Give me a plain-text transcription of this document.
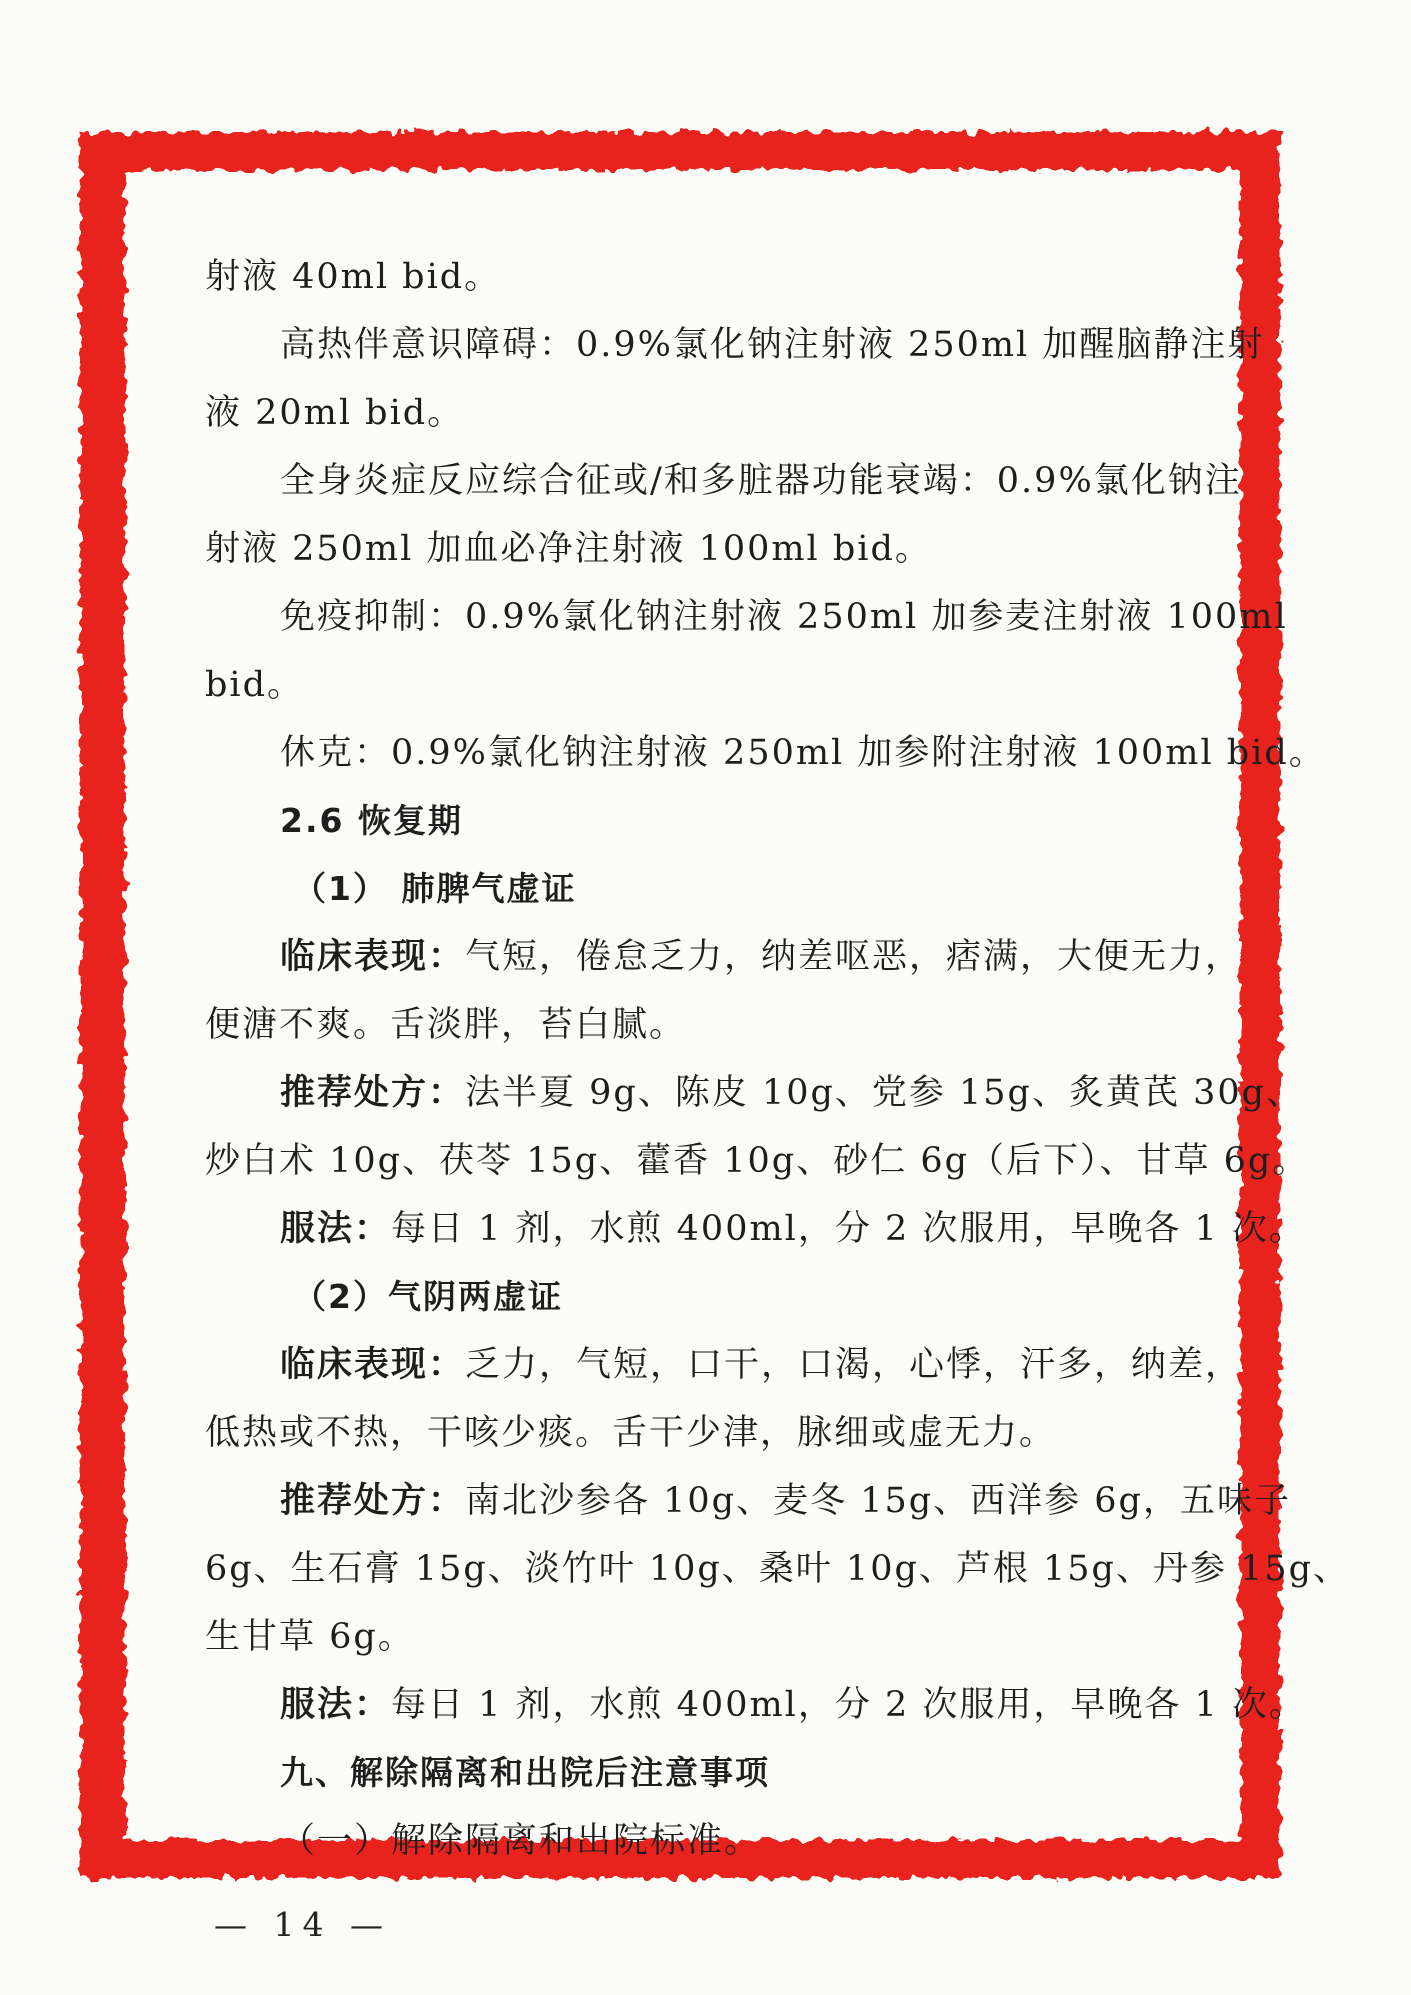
射液 40ml bid。
高热伴意识障碍：0.9%氯化钠注射液 250ml 加醒脑静注射
液 20ml bid。
全身炎症反应综合征或/和多脏器功能衰竭：0.9%氯化钠注
射液 250ml 加血必净注射液 100ml bid。
免疫抑制：0.9%氯化钠注射液 250ml 加参麦注射液 100ml
bid。
休克：0.9%氯化钠注射液 250ml 加参附注射液 100ml bid。
2.6 恢复期
（1） 肺脾气虚证
临床表现：气短，倦怠乏力，纳差呕恶，痞满，大便无力，
便溏不爽。舌淡胖，苔白腻。
推荐处方：法半夏 9g、陈皮 10g、党参 15g、炙黄芪 30g、
炒白术 10g、茯苓 15g、藿香 10g、砂仁 6g（后下）、甘草 6g。
服法：每日 1 剂，水煎 400ml，分 2 次服用，早晚各 1 次。
（2）气阴两虚证
临床表现：乏力，气短，口干，口渴，心悸，汗多，纳差，
低热或不热，干咳少痰。舌干少津，脉细或虚无力。
推荐处方：南北沙参各 10g、麦冬 15g、西洋参 6g，五味子
6g、生石膏 15g、淡竹叶 10g、桑叶 10g、芦根 15g、丹参 15g、
生甘草 6g。
服法：每日 1 剂，水煎 400ml，分 2 次服用，早晚各 1 次。
九、解除隔离和出院后注意事项
（一）解除隔离和出院标准。
— 14 —
